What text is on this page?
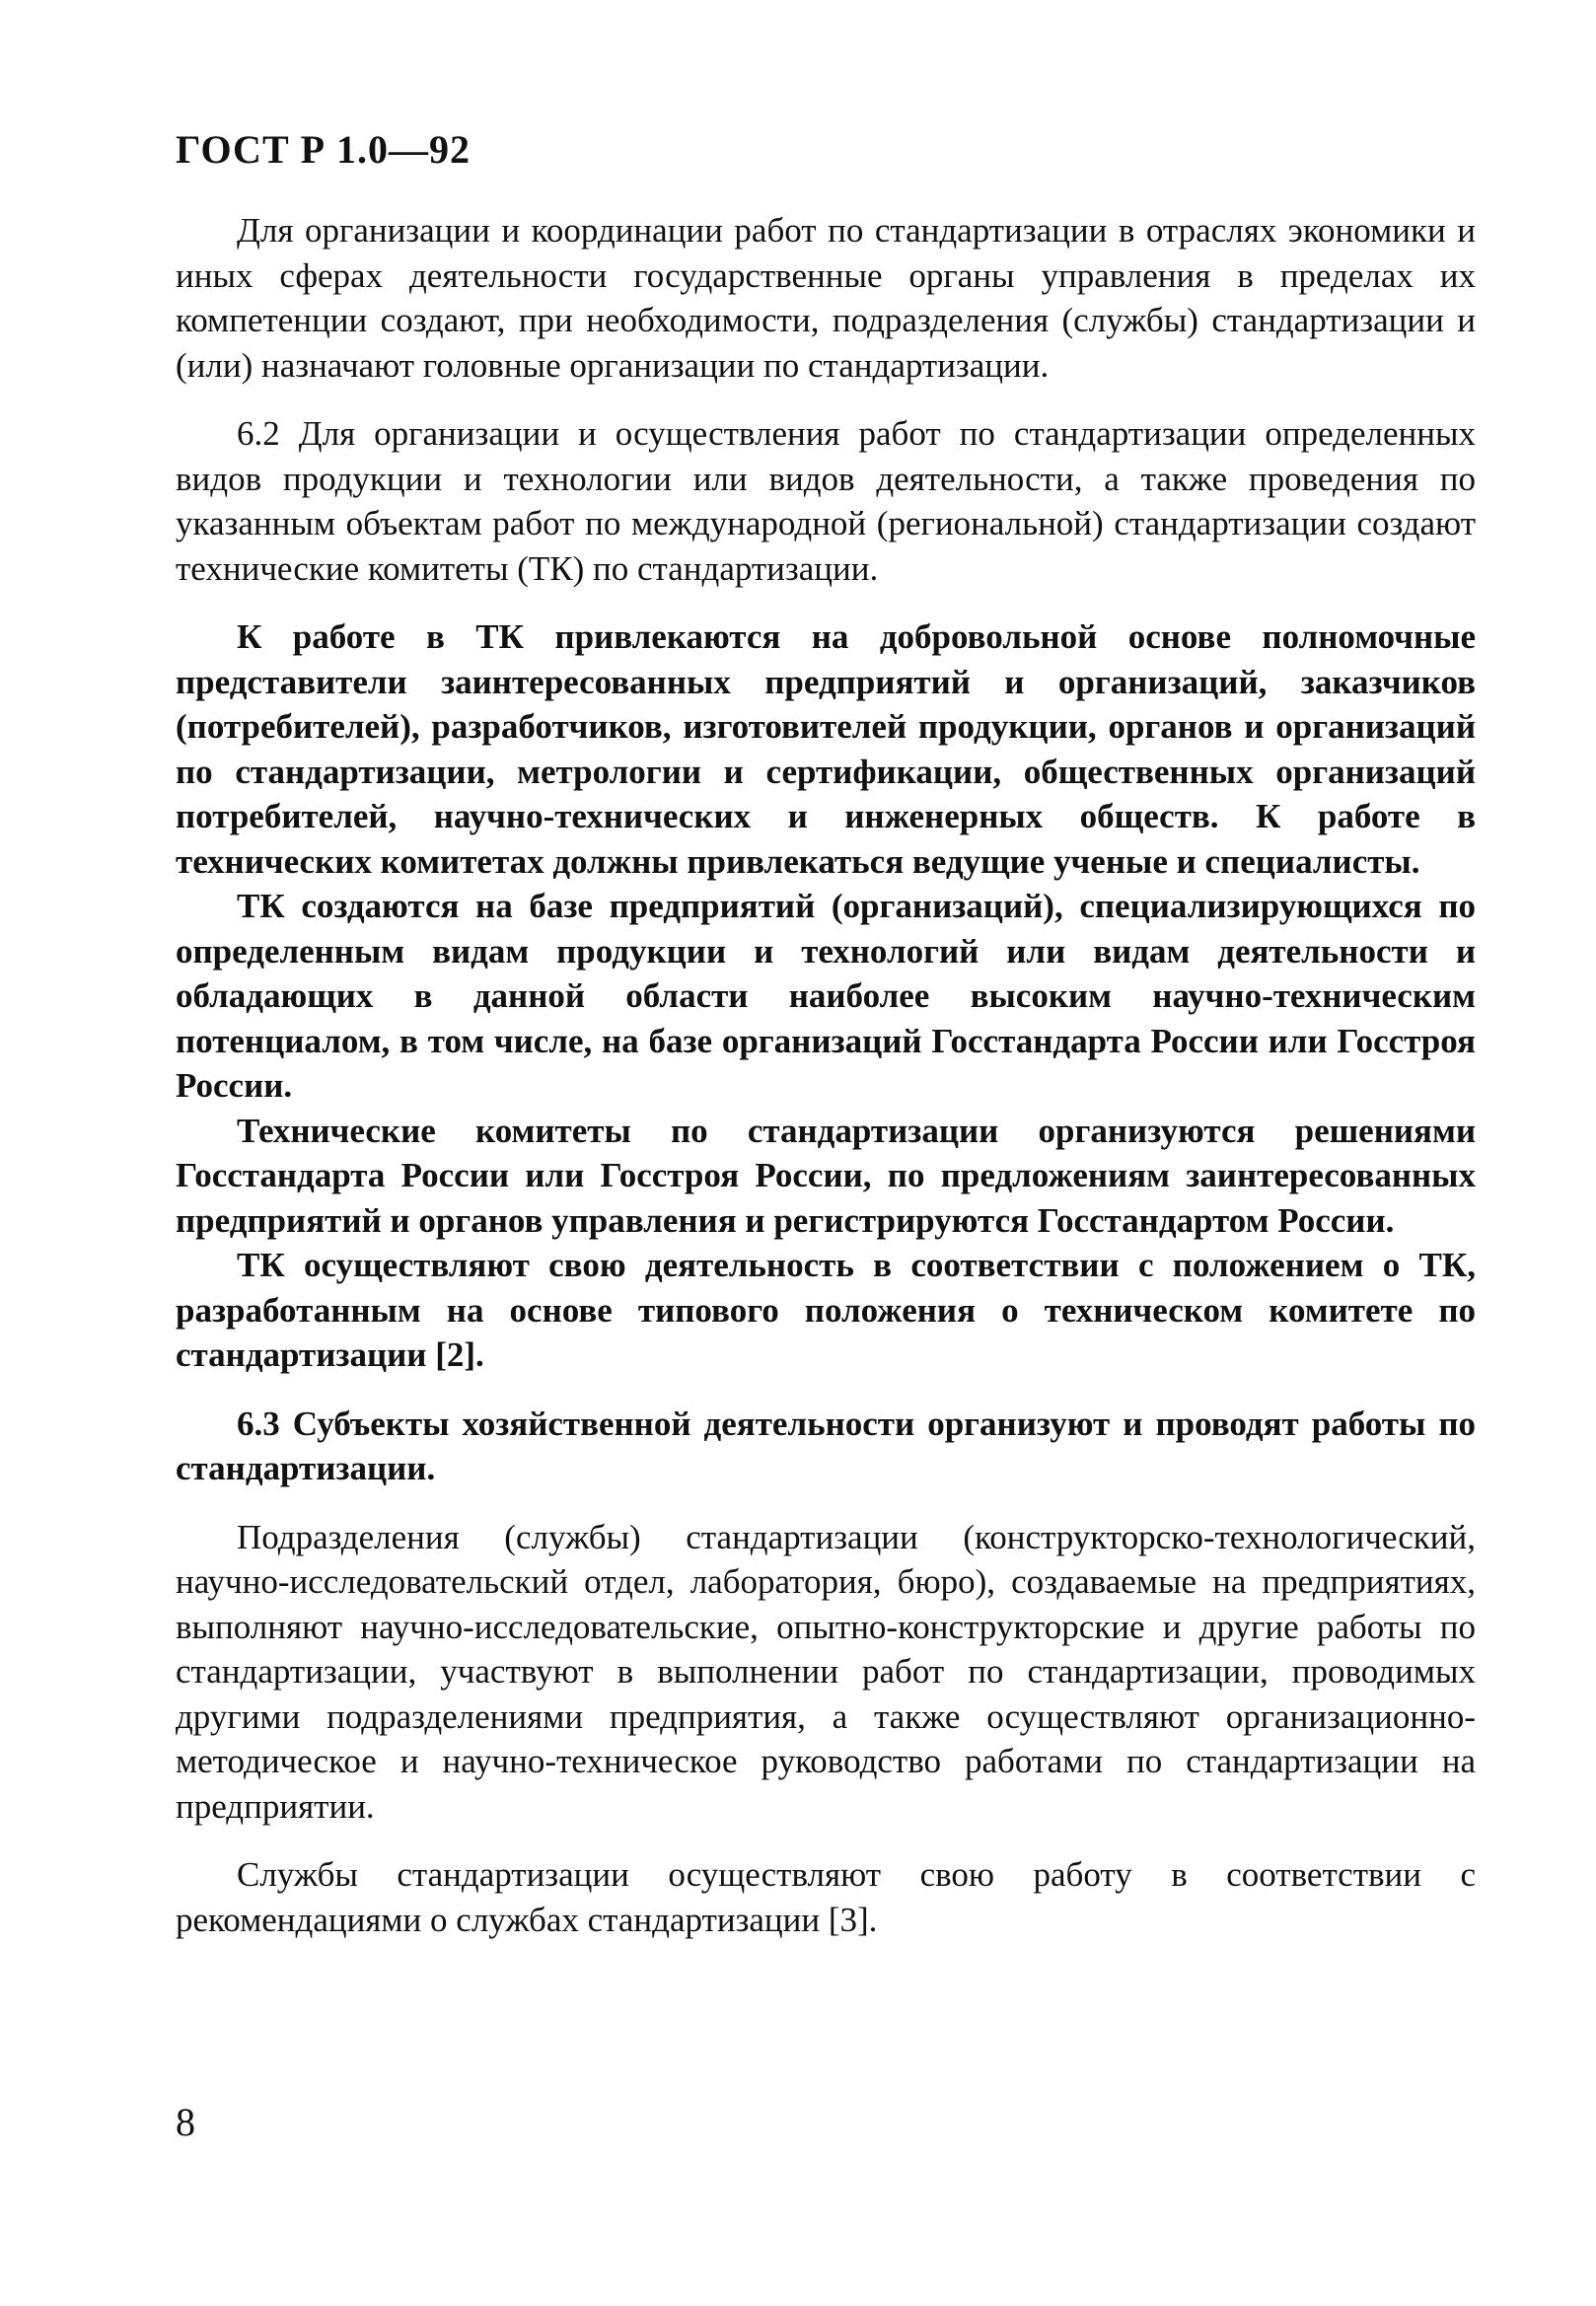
ГОСТ Р 1.0—92

Для организации и координации работ по стандартизации в отраслях экономики и иных сферах деятельности государственные органы управления в пределах их компетенции создают, при необходимости, подразделения (службы) стандартизации и (или) назначают головные организации по стандартизации.

6.2 Для организации и осуществления работ по стандартизации определенных видов продукции и технологии или видов деятельности, а также проведения по указанным объектам работ по международной (региональной) стандартизации создают технические комитеты (ТК) по стандартизации.

К работе в ТК привлекаются на добровольной основе полномочные представители заинтересованных предприятий и организаций, заказчиков (потребителей), разработчиков, изготовителей продукции, органов и организаций по стандартизации, метрологии и сертификации, общественных организаций потребителей, научно-технических и инженерных обществ. К работе в технических комитетах должны привлекаться ведущие ученые и специалисты.

ТК создаются на базе предприятий (организаций), специализирующихся по определенным видам продукции и технологий или видам деятельности и обладающих в данной области наиболее высоким научно-техническим потенциалом, в том числе, на базе организаций Госстандарта России или Госстроя России.

Технические комитеты по стандартизации организуются решениями Госстандарта России или Госстроя России, по предложениям заинтересованных предприятий и органов управления и регистрируются Госстандартом России.

ТК осуществляют свою деятельность в соответствии с положением о ТК, разработанным на основе типового положения о техническом комитете по стандартизации [2].

6.3 Субъекты хозяйственной деятельности организуют и проводят работы по стандартизации.

Подразделения (службы) стандартизации (конструкторско-технологический, научно-исследовательский отдел, лаборатория, бюро), создаваемые на предприятиях, выполняют научно-исследовательские, опытно-конструкторские и другие работы по стандартизации, участвуют в выполнении работ по стандартизации, проводимых другими подразделениями предприятия, а также осуществляют организационно-методическое и научно-техническое руководство работами по стандартизации на предприятии.

Службы стандартизации осуществляют свою работу в соответствии с рекомендациями о службах стандартизации [3].

8
